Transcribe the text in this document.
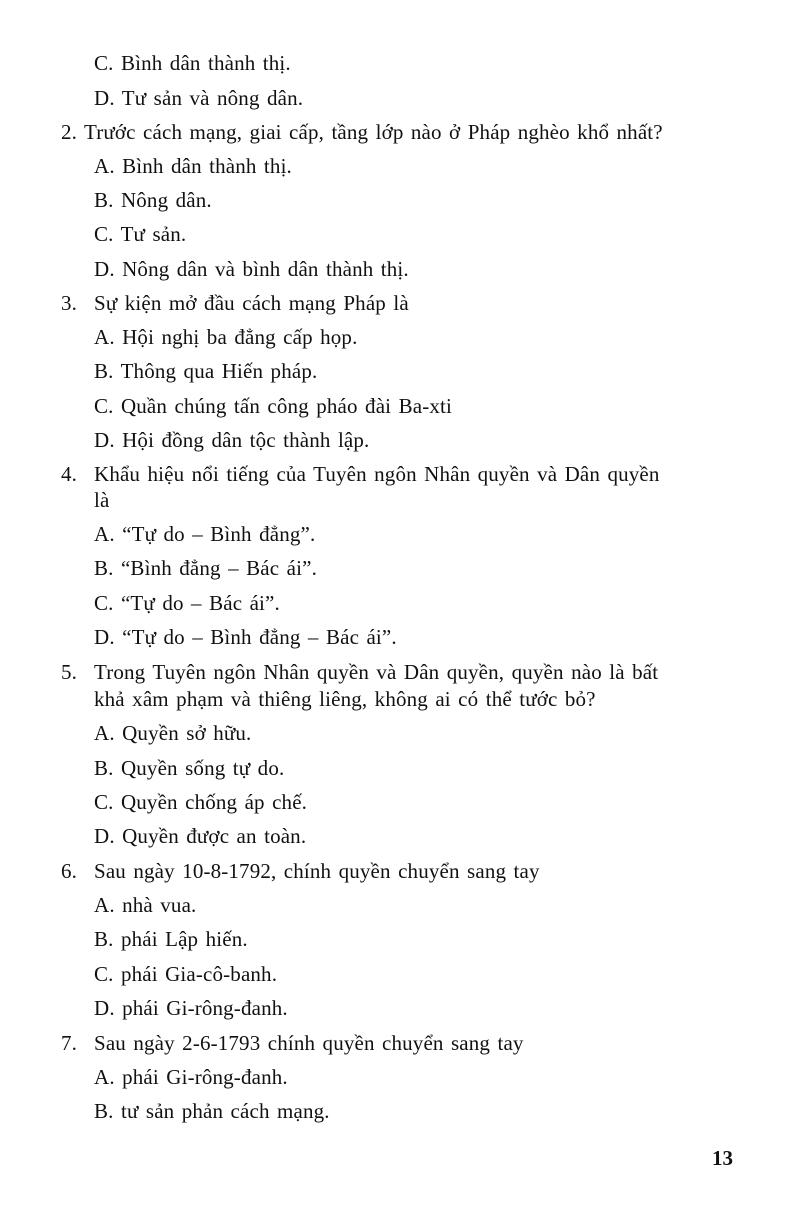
C. Bình dân thành thị.
D. Tư sản và nông dân.
2. Trước cách mạng, giai cấp, tầng lớp nào ở Pháp nghèo khổ nhất?
A. Bình dân thành thị.
B. Nông dân.
C. Tư sản.
D. Nông dân và bình dân thành thị.
3. Sự kiện mở đầu cách mạng Pháp là
A. Hội nghị ba đẳng cấp họp.
B. Thông qua Hiến pháp.
C. Quần chúng tấn công pháo đài Ba-xti
D. Hội đồng dân tộc thành lập.
4. Khẩu hiệu nổi tiếng của Tuyên ngôn Nhân quyền và Dân quyền
là
A. “Tự do – Bình đẳng”.
B. “Bình đẳng – Bác ái”.
C. “Tự do – Bác ái”.
D. “Tự do – Bình đẳng – Bác ái”.
5. Trong Tuyên ngôn Nhân quyền và Dân quyền, quyền nào là bất
khả xâm phạm và thiêng liêng, không ai có thể tước bỏ?
A. Quyền sở hữu.
B. Quyền sống tự do.
C. Quyền chống áp chế.
D. Quyền được an toàn.
6. Sau ngày 10-8-1792, chính quyền chuyển sang tay
A. nhà vua.
B. phái Lập hiến.
C. phái Gia-cô-banh.
D. phái Gi-rông-đanh.
7. Sau ngày 2-6-1793 chính quyền chuyển sang tay
A. phái Gi-rông-đanh.
B. tư sản phản cách mạng.
13
